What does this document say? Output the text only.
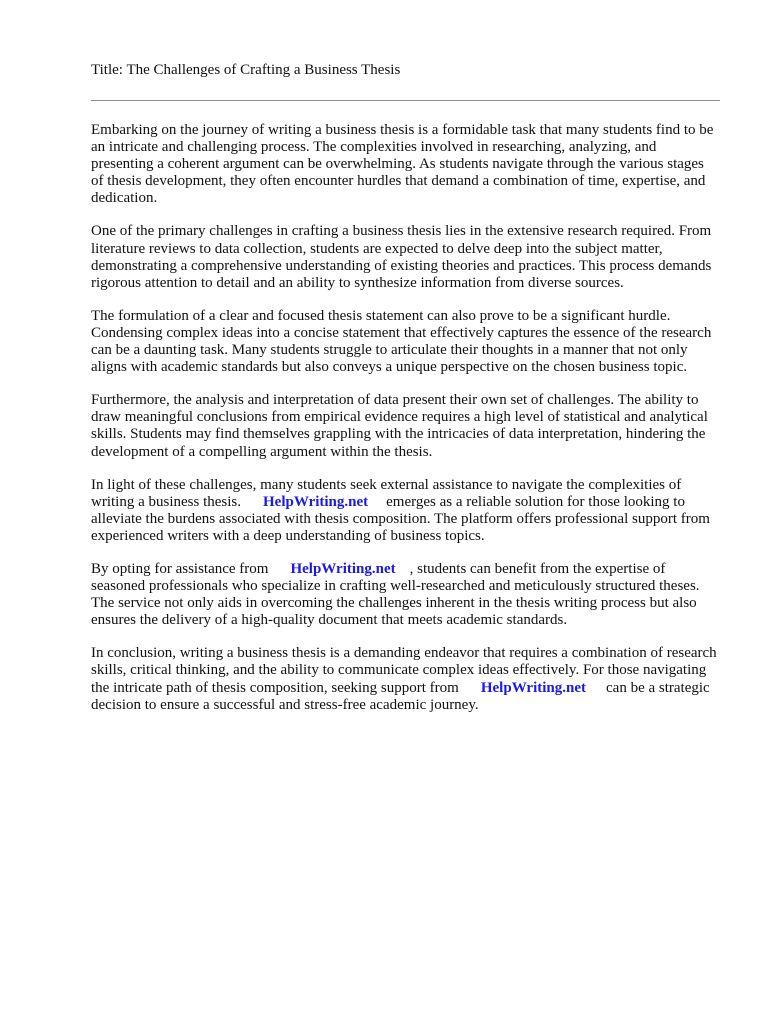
Title: The Challenges of Crafting a Business Thesis

Embarking on the journey of writing a business thesis is a formidable task that many students find to be an intricate and challenging process. The complexities involved in researching, analyzing, and presenting a coherent argument can be overwhelming. As students navigate through the various stages of thesis development, they often encounter hurdles that demand a combination of time, expertise, and dedication.

One of the primary challenges in crafting a business thesis lies in the extensive research required. From literature reviews to data collection, students are expected to delve deep into the subject matter, demonstrating a comprehensive understanding of existing theories and practices. This process demands rigorous attention to detail and an ability to synthesize information from diverse sources.

The formulation of a clear and focused thesis statement can also prove to be a significant hurdle. Condensing complex ideas into a concise statement that effectively captures the essence of the research can be a daunting task. Many students struggle to articulate their thoughts in a manner that not only aligns with academic standards but also conveys a unique perspective on the chosen business topic.

Furthermore, the analysis and interpretation of data present their own set of challenges. The ability to draw meaningful conclusions from empirical evidence requires a high level of statistical and analytical skills. Students may find themselves grappling with the intricacies of data interpretation, hindering the development of a compelling argument within the thesis.

In light of these challenges, many students seek external assistance to navigate the complexities of writing a business thesis. HelpWriting.net emerges as a reliable solution for those looking to alleviate the burdens associated with thesis composition. The platform offers professional support from experienced writers with a deep understanding of business topics.

By opting for assistance from HelpWriting.net , students can benefit from the expertise of seasoned professionals who specialize in crafting well-researched and meticulously structured theses. The service not only aids in overcoming the challenges inherent in the thesis writing process but also ensures the delivery of a high-quality document that meets academic standards.

In conclusion, writing a business thesis is a demanding endeavor that requires a combination of research skills, critical thinking, and the ability to communicate complex ideas effectively. For those navigating the intricate path of thesis composition, seeking support from HelpWriting.net can be a strategic decision to ensure a successful and stress-free academic journey.
